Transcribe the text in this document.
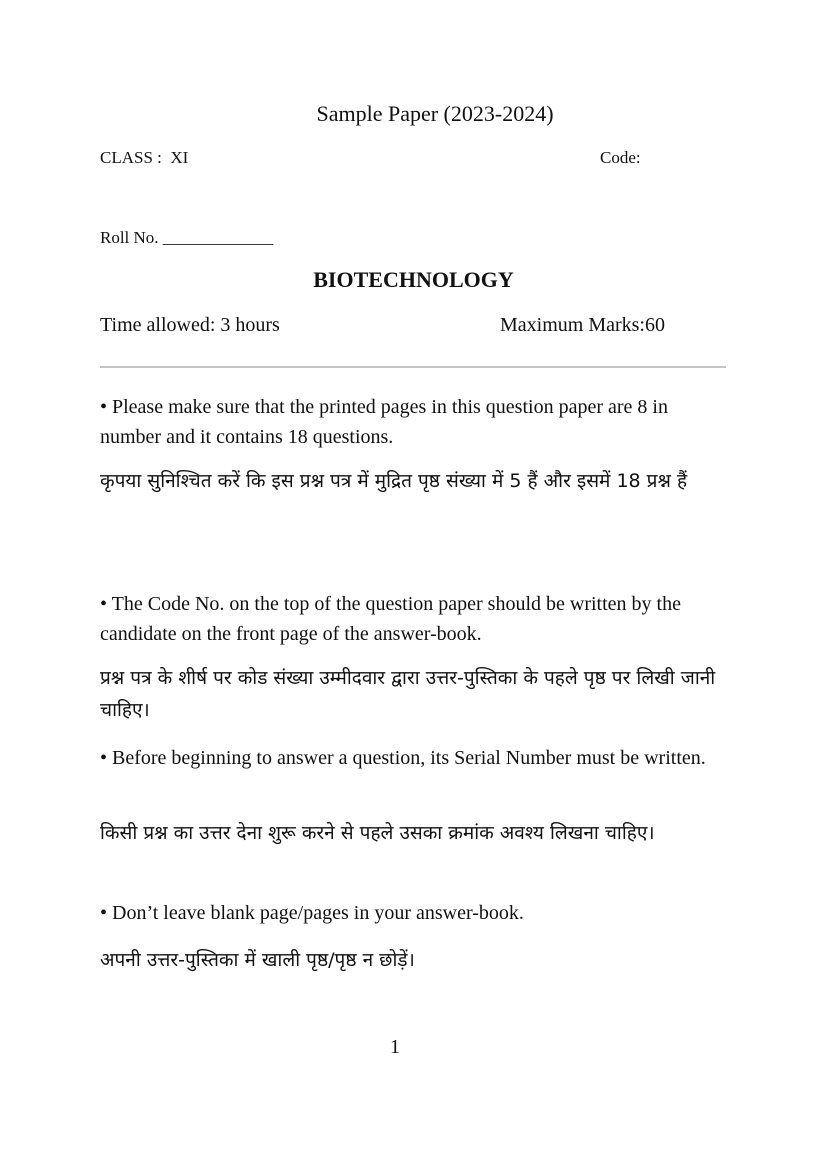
Sample Paper (2023-2024)
CLASS :  XI	Code:
Roll No. _____________
BIOTECHNOLOGY
Time allowed: 3 hours	Maximum Marks:60
• Please make sure that the printed pages in this question paper are 8 in number and it contains 18 questions.
कृपया सुनिश्चित करें कि इस प्रश्न पत्र में मुद्रित पृष्ठ संख्या में 5 हैं और इसमें 18 प्रश्न हैं
• The Code No. on the top of the question paper should be written by the candidate on the front page of the answer-book.
प्रश्न पत्र के शीर्ष पर कोड संख्या उम्मीदवार द्वारा उत्तर-पुस्तिका के पहले पृष्ठ पर लिखी जानी चाहिए।
• Before beginning to answer a question, its Serial Number must be written.
किसी प्रश्न का उत्तर देना शुरू करने से पहले उसका क्रमांक अवश्य लिखना चाहिए।
• Don’t leave blank page/pages in your answer-book.
अपनी उत्तर-पुस्तिका में खाली पृष्ठ/पृष्ठ न छोड़ें।
1
